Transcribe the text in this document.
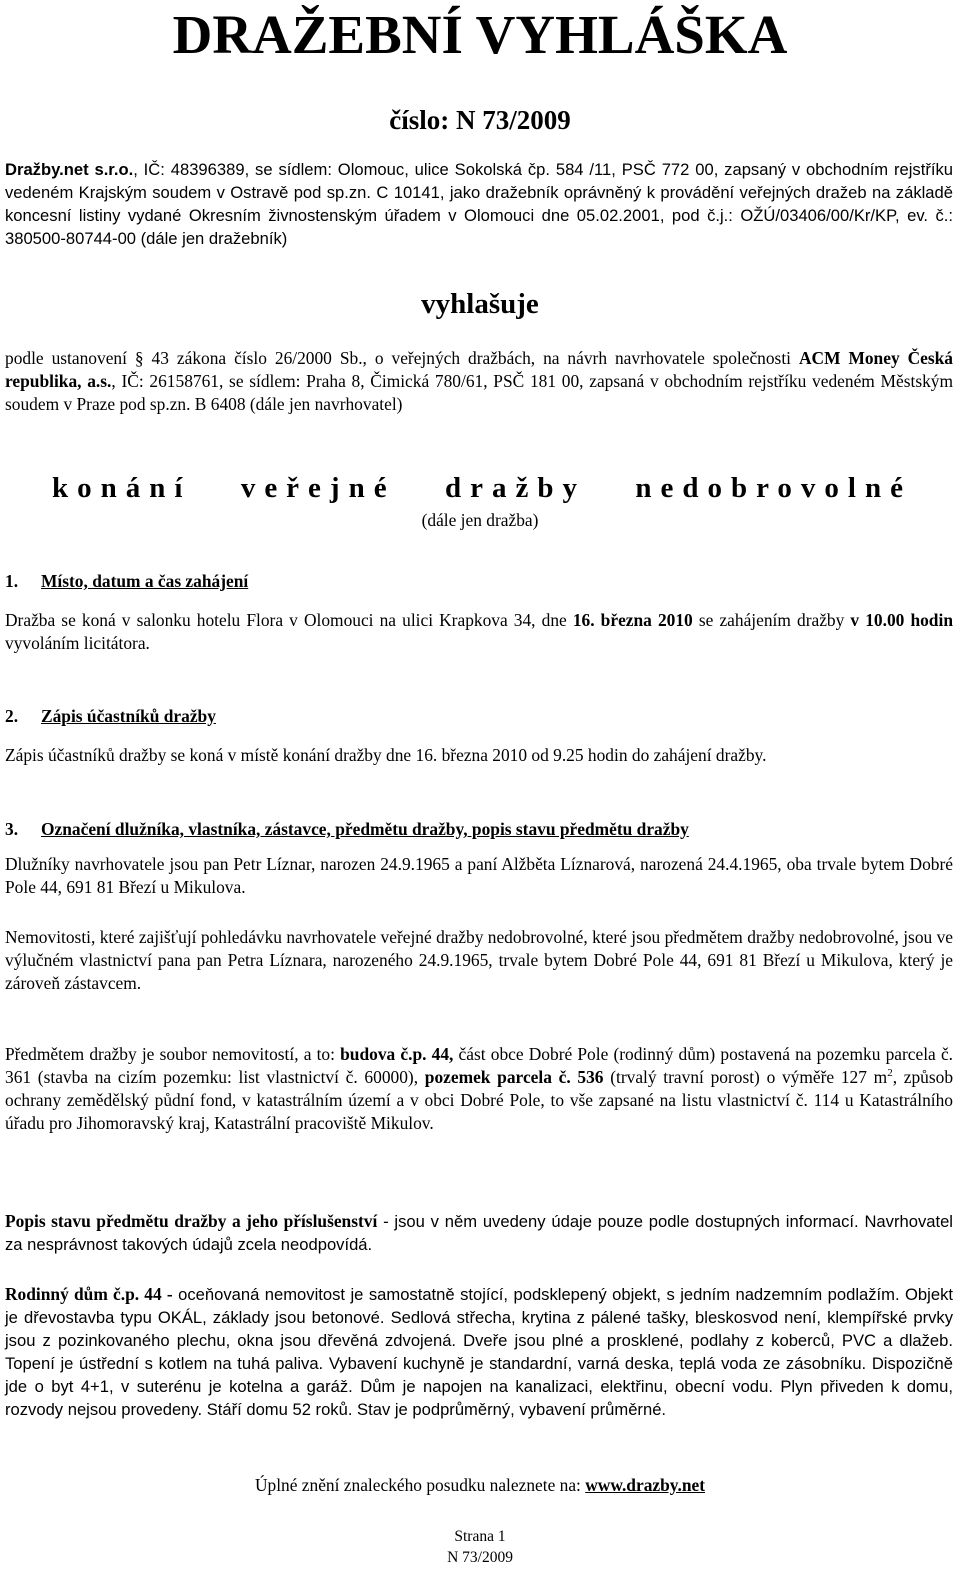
DRAŽEBNÍ VYHLÁŠKA
číslo: N 73/2009
Dražby.net s.r.o., IČ: 48396389, se sídlem: Olomouc, ulice Sokolská čp. 584 /11, PSČ 772 00, zapsaný v obchodním rejstříku vedeném Krajským soudem v Ostravě pod sp.zn. C 10141, jako dražebník oprávněný k provádění veřejných dražeb na základě koncesní listiny vydané Okresním živnostenským úřadem v Olomouci dne 05.02.2001, pod č.j.: OŽÚ/03406/00/Kr/KP, ev. č.: 380500-80744-00 (dále jen dražebník)
vyhlašuje
podle ustanovení § 43 zákona číslo 26/2000 Sb., o veřejných dražbách, na návrh navrhovatele společnosti ACM Money Česká republika, a.s., IČ: 26158761, se sídlem: Praha 8, Čimická 780/61, PSČ 181 00, zapsaná v obchodním rejstříku vedeném Městským soudem v Praze pod sp.zn. B 6408 (dále jen navrhovatel)
konání veřejné dražby nedobrovolné
(dále jen dražba)
1. Místo, datum a čas zahájení
Dražba se koná v salonku hotelu Flora v Olomouci na ulici Krapkova 34, dne 16. března 2010 se zahájením dražby v 10.00 hodin vyvoláním licitátora.
2. Zápis účastníků dražby
Zápis účastníků dražby se koná v místě konání dražby dne 16. března 2010 od 9.25 hodin do zahájení dražby.
3. Označení dlužníka, vlastníka, zástavce, předmětu dražby, popis stavu předmětu dražby
Dlužníky navrhovatele jsou pan Petr Líznar, narozen 24.9.1965 a paní Alžběta Líznarová, narozená 24.4.1965, oba trvale bytem Dobré Pole 44, 691 81 Březí u Mikulova.
Nemovitosti, které zajišťují pohledávku navrhovatele veřejné dražby nedobrovolné, které jsou předmětem dražby nedobrovolné, jsou ve výlučném vlastnictví pana pan Petra Líznara, narozeného 24.9.1965, trvale bytem Dobré Pole 44, 691 81 Březí u Mikulova, který je zároveň zástavcem.
Předmětem dražby je soubor nemovitostí, a to: budova č.p. 44, část obce Dobré Pole (rodinný dům) postavená na pozemku parcela č. 361 (stavba na cizím pozemku: list vlastnictví č. 60000), pozemek parcela č. 536 (trvalý travní porost) o výměře 127 $m^2$, způsob ochrany zemědělský půdní fond, v katastrálním území a v obci Dobré Pole, to vše zapsané na listu vlastnictví č. 114 u Katastrálního úřadu pro Jihomoravský kraj, Katastrální pracoviště Mikulov.
Popis stavu předmětu dražby a jeho příslušenství - jsou v něm uvedeny údaje pouze podle dostupných informací. Navrhovatel za nesprávnost takových údajů zcela neodpovídá.
Rodinný dům č.p. 44 - oceňovaná nemovitost je samostatně stojící, podsklepený objekt, s jedním nadzemním podlažím. Objekt je dřevostavba typu OKÁL, základy jsou betonové. Sedlová střecha, krytina z pálené tašky, bleskosvod není, klempířské prvky jsou z pozinkovaného plechu, okna jsou dřevěná zdvojená. Dveře jsou plné a prosklené, podlahy z koberců, PVC a dlažeb. Topení je ústřední s kotlem na tuhá paliva. Vybavení kuchyně je standardní, varná deska, teplá voda ze zásobníku. Dispozičně jde o byt 4+1, v suterénu je kotelna a garáž. Dům je napojen na kanalizaci, elektřinu, obecní vodu. Plyn přiveden k domu, rozvody nejsou provedeny. Stáří domu 52 roků. Stav je podprůměrný, vybavení průměrné.
Úplné znění znaleckého posudku naleznete na: www.drazby.net
Strana 1
N 73/2009
